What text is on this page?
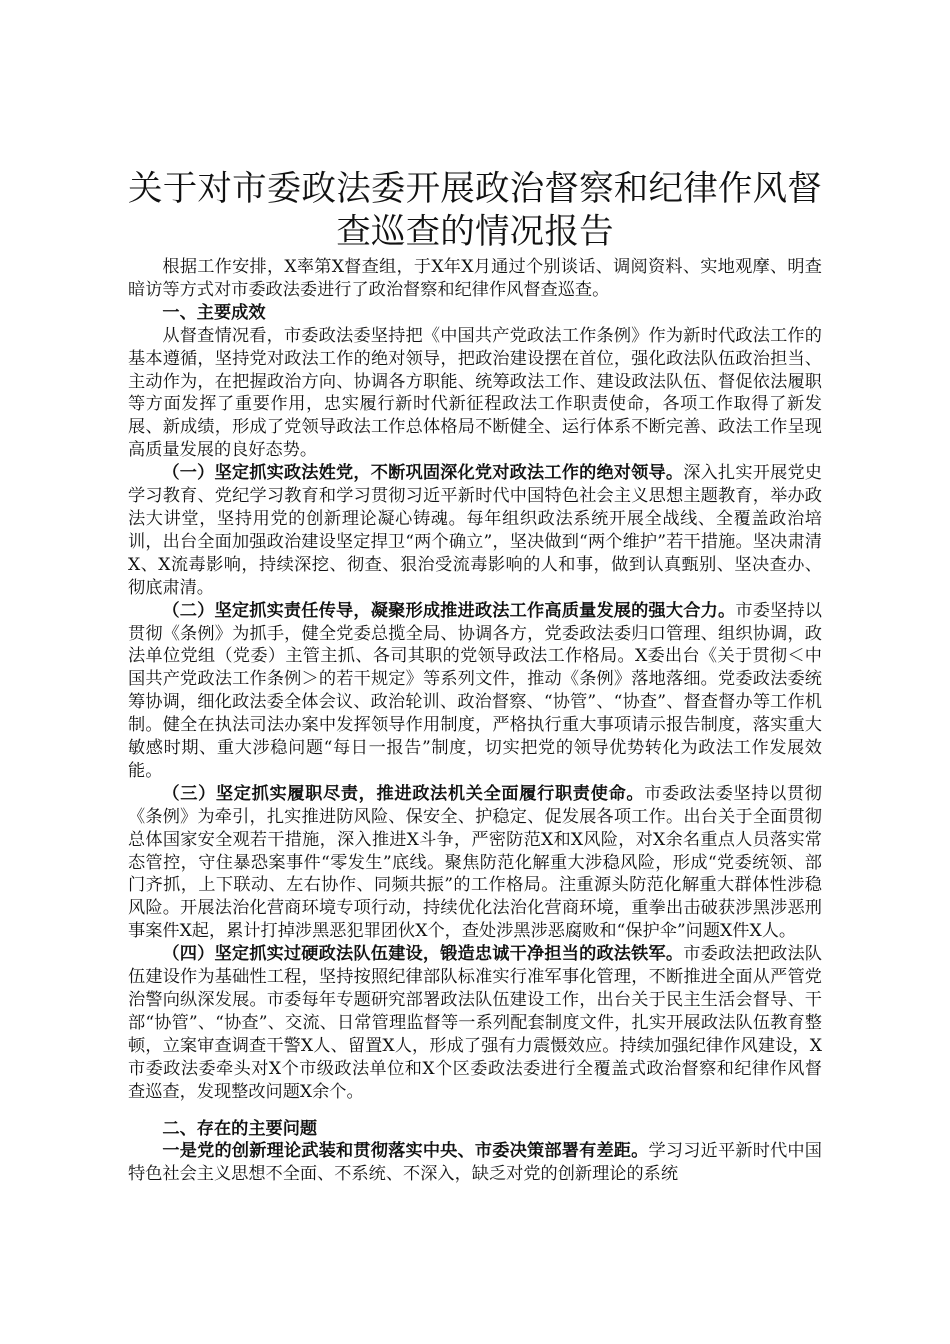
关于对市委政法委开展政治督察和纪律作风督查巡查的情况报告

根据工作安排，X率第X督查组，于X年X月通过个别谈话、调阅资料、实地观摩、明查暗访等方式对市委政法委进行了政治督察和纪律作风督查巡查。

一、主要成效

从督查情况看，市委政法委坚持把《中国共产党政法工作条例》作为新时代政法工作的基本遵循，坚持党对政法工作的绝对领导，把政治建设摆在首位，强化政法队伍政治担当、主动作为，在把握政治方向、协调各方职能、统筹政法工作、建设政法队伍、督促依法履职等方面发挥了重要作用，忠实履行新时代新征程政法工作职责使命，各项工作取得了新发展、新成绩，形成了党领导政法工作总体格局不断健全、运行体系不断完善、政法工作呈现高质量发展的良好态势。

（一）坚定抓实政法姓党，不断巩固深化党对政法工作的绝对领导。深入扎实开展党史学习教育、党纪学习教育和学习贯彻习近平新时代中国特色社会主义思想主题教育，举办政法大讲堂，坚持用党的创新理论凝心铸魂。每年组织政法系统开展全战线、全覆盖政治培训，出台全面加强政治建设坚定捍卫“两个确立”，坚决做到“两个维护”若干措施。坚决肃清X、X流毒影响，持续深挖、彻查、狠治受流毒影响的人和事，做到认真甄别、坚决查办、彻底肃清。

（二）坚定抓实责任传导，凝聚形成推进政法工作高质量发展的强大合力。市委坚持以贯彻《条例》为抓手，健全党委总揽全局、协调各方，党委政法委归口管理、组织协调，政法单位党组（党委）主管主抓、各司其职的党领导政法工作格局。X委出台《关于贯彻＜中国共产党政法工作条例＞的若干规定》等系列文件，推动《条例》落地落细。党委政法委统筹协调，细化政法委全体会议、政治轮训、政治督察、“协管”、“协查”、督查督办等工作机制。健全在执法司法办案中发挥领导作用制度，严格执行重大事项请示报告制度，落实重大敏感时期、重大涉稳问题“每日一报告”制度，切实把党的领导优势转化为政法工作发展效能。

（三）坚定抓实履职尽责，推进政法机关全面履行职责使命。市委政法委坚持以贯彻《条例》为牵引，扎实推进防风险、保安全、护稳定、促发展各项工作。出台关于全面贯彻总体国家安全观若干措施，深入推进X斗争，严密防范X和X风险，对X余名重点人员落实常态管控，守住暴恐案事件“零发生”底线。聚焦防范化解重大涉稳风险，形成“党委统领、部门齐抓，上下联动、左右协作、同频共振”的工作格局。注重源头防范化解重大群体性涉稳风险。开展法治化营商环境专项行动，持续优化法治化营商环境，重拳出击破获涉黑涉恶刑事案件X起，累计打掉涉黑恶犯罪团伙X个，查处涉黑涉恶腐败和“保护伞”问题X件X人。

（四）坚定抓实过硬政法队伍建设，锻造忠诚干净担当的政法铁军。市委政法把政法队伍建设作为基础性工程，坚持按照纪律部队标准实行准军事化管理，不断推进全面从严管党治警向纵深发展。市委每年专题研究部署政法队伍建设工作，出台关于民主生活会督导、干部“协管”、“协查”、交流、日常管理监督等一系列配套制度文件，扎实开展政法队伍教育整顿，立案审查调查干警X人、留置X人，形成了强有力震慑效应。持续加强纪律作风建设，X市委政法委牵头对X个市级政法单位和X个区委政法委进行全覆盖式政治督察和纪律作风督查巡查，发现整改问题X余个。

二、存在的主要问题

一是党的创新理论武装和贯彻落实中央、市委决策部署有差距。学习习近平新时代中国特色社会主义思想不全面、不系统、不深入，缺乏对党的创新理论的系统
